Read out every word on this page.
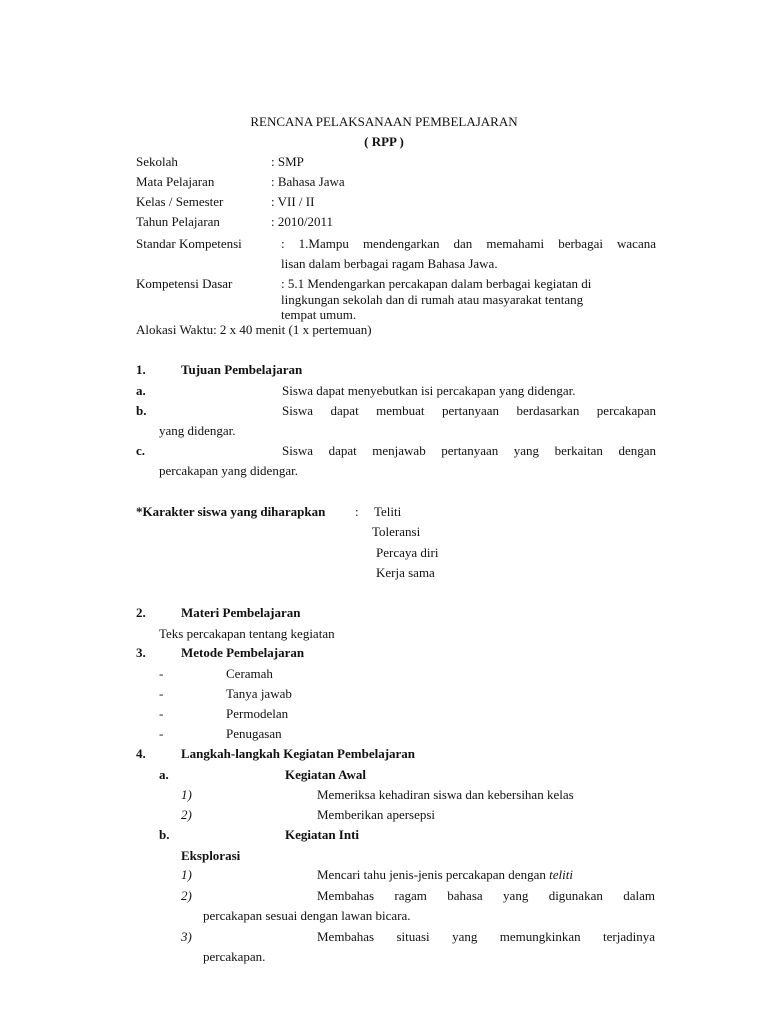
RENCANA PELAKSANAAN PEMBELAJARAN
( RPP )
Sekolah	: SMP
Mata Pelajaran	: Bahasa Jawa
Kelas / Semester	: VII / II
Tahun Pelajaran	: 2010/2011
Standar Kompetensi	: 1.Mampu mendengarkan dan memahami berbagai wacana
lisan dalam berbagai ragam Bahasa Jawa.
Kompetensi Dasar	: 5.1 Mendengarkan percakapan dalam berbagai kegiatan di
lingkungan sekolah dan di rumah atau masyarakat tentang
tempat umum.
Alokasi Waktu: 2 x 40 menit (1 x pertemuan)
1.	Tujuan Pembelajaran
a.	Siswa dapat menyebutkan isi percakapan yang didengar.
b.	Siswa dapat membuat pertanyaan berdasarkan percakapan
yang didengar.
c.	Siswa dapat menjawab pertanyaan yang berkaitan dengan
percakapan yang didengar.
*Karakter siswa yang diharapkan : Teliti
Toleransi
Percaya diri
Kerja sama
2.	Materi Pembelajaran
Teks percakapan tentang kegiatan
3.	Metode Pembelajaran
-	Ceramah
-	Tanya jawab
-	Permodelan
-	Penugasan
4.	Langkah-langkah Kegiatan Pembelajaran
a.	Kegiatan Awal
1)	Memeriksa kehadiran siswa dan kebersihan kelas
2)	Memberikan apersepsi
b.	Kegiatan Inti
Eksplorasi
1)	Mencari tahu jenis-jenis percakapan dengan teliti
2)	Membahas ragam bahasa yang digunakan dalam
percakapan sesuai dengan lawan bicara.
3)	Membahas situasi yang memungkinkan terjadinya
percakapan.
